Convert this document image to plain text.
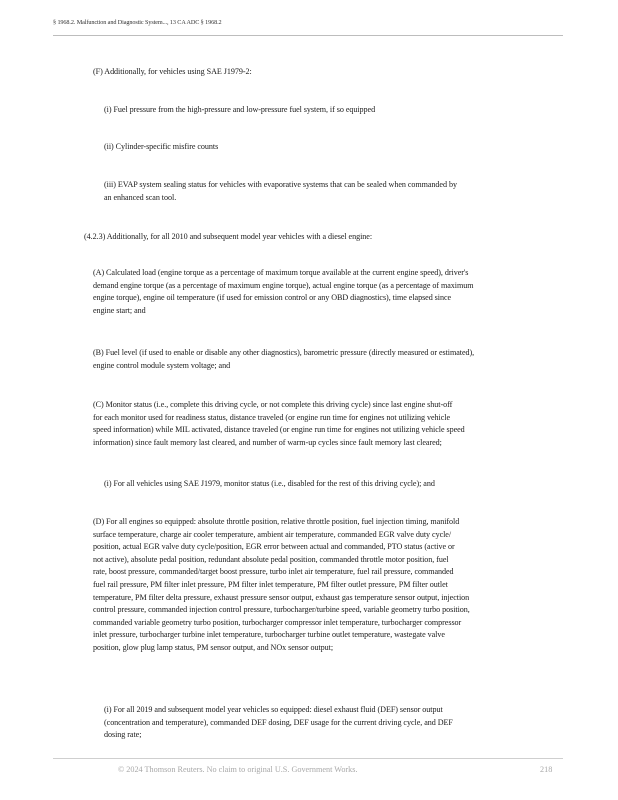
§ 1968.2. Malfunction and Diagnostic System..., 13 CA ADC § 1968.2
(F) Additionally, for vehicles using SAE J1979-2:
(i) Fuel pressure from the high-pressure and low-pressure fuel system, if so equipped
(ii) Cylinder-specific misfire counts
(iii) EVAP system sealing status for vehicles with evaporative systems that can be sealed when commanded by
an enhanced scan tool.
(4.2.3) Additionally, for all 2010 and subsequent model year vehicles with a diesel engine:
(A) Calculated load (engine torque as a percentage of maximum torque available at the current engine speed), driver's
demand engine torque (as a percentage of maximum engine torque), actual engine torque (as a percentage of maximum
engine torque), engine oil temperature (if used for emission control or any OBD diagnostics), time elapsed since
engine start; and
(B) Fuel level (if used to enable or disable any other diagnostics), barometric pressure (directly measured or estimated),
engine control module system voltage; and
(C) Monitor status (i.e., complete this driving cycle, or not complete this driving cycle) since last engine shut-off
for each monitor used for readiness status, distance traveled (or engine run time for engines not utilizing vehicle
speed information) while MIL activated, distance traveled (or engine run time for engines not utilizing vehicle speed
information) since fault memory last cleared, and number of warm-up cycles since fault memory last cleared;
(i) For all vehicles using SAE J1979, monitor status (i.e., disabled for the rest of this driving cycle); and
(D) For all engines so equipped: absolute throttle position, relative throttle position, fuel injection timing, manifold
surface temperature, charge air cooler temperature, ambient air temperature, commanded EGR valve duty cycle/
position, actual EGR valve duty cycle/position, EGR error between actual and commanded, PTO status (active or
not active), absolute pedal position, redundant absolute pedal position, commanded throttle motor position, fuel
rate, boost pressure, commanded/target boost pressure, turbo inlet air temperature, fuel rail pressure, commanded
fuel rail pressure, PM filter inlet pressure, PM filter inlet temperature, PM filter outlet pressure, PM filter outlet
temperature, PM filter delta pressure, exhaust pressure sensor output, exhaust gas temperature sensor output, injection
control pressure, commanded injection control pressure, turbocharger/turbine speed, variable geometry turbo position,
commanded variable geometry turbo position, turbocharger compressor inlet temperature, turbocharger compressor
inlet pressure, turbocharger turbine inlet temperature, turbocharger turbine outlet temperature, wastegate valve
position, glow plug lamp status, PM sensor output, and NOx sensor output;
(i) For all 2019 and subsequent model year vehicles so equipped: diesel exhaust fluid (DEF) sensor output
(concentration and temperature), commanded DEF dosing, DEF usage for the current driving cycle, and DEF
dosing rate;
© 2024 Thomson Reuters. No claim to original U.S. Government Works.	218
